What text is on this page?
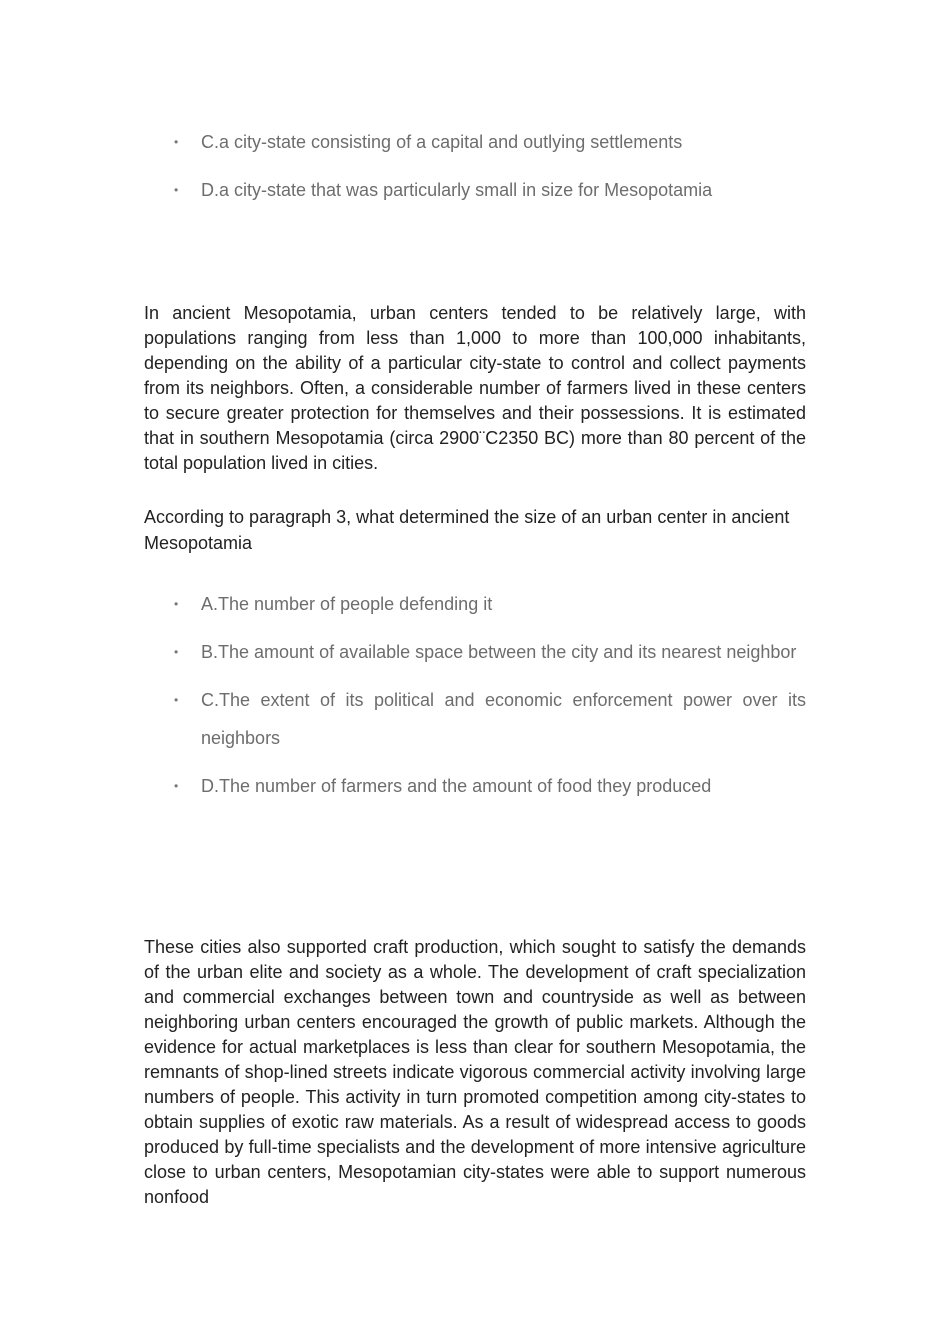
• C.a city-state consisting of a capital and outlying settlements
• D.a city-state that was particularly small in size for Mesopotamia

In ancient Mesopotamia, urban centers tended to be relatively large, with populations ranging from less than 1,000 to more than 100,000 inhabitants, depending on the ability of a particular city-state to control and collect payments from its neighbors. Often, a considerable number of farmers lived in these centers to secure greater protection for themselves and their possessions. It is estimated that in southern Mesopotamia (circa 2900¨C2350 BC) more than 80 percent of the total population lived in cities.

According to paragraph 3, what determined the size of an urban center in ancient Mesopotamia

• A.The number of people defending it
• B.The amount of available space between the city and its nearest neighbor
• C.The extent of its political and economic enforcement power over its neighbors
• D.The number of farmers and the amount of food they produced

These cities also supported craft production, which sought to satisfy the demands of the urban elite and society as a whole. The development of craft specialization and commercial exchanges between town and countryside as well as between neighboring urban centers encouraged the growth of public markets. Although the evidence for actual marketplaces is less than clear for southern Mesopotamia, the remnants of shop-lined streets indicate vigorous commercial activity involving large numbers of people. This activity in turn promoted competition among city-states to obtain supplies of exotic raw materials. As a result of widespread access to goods produced by full-time specialists and the development of more intensive agriculture close to urban centers, Mesopotamian city-states were able to support numerous nonfood
